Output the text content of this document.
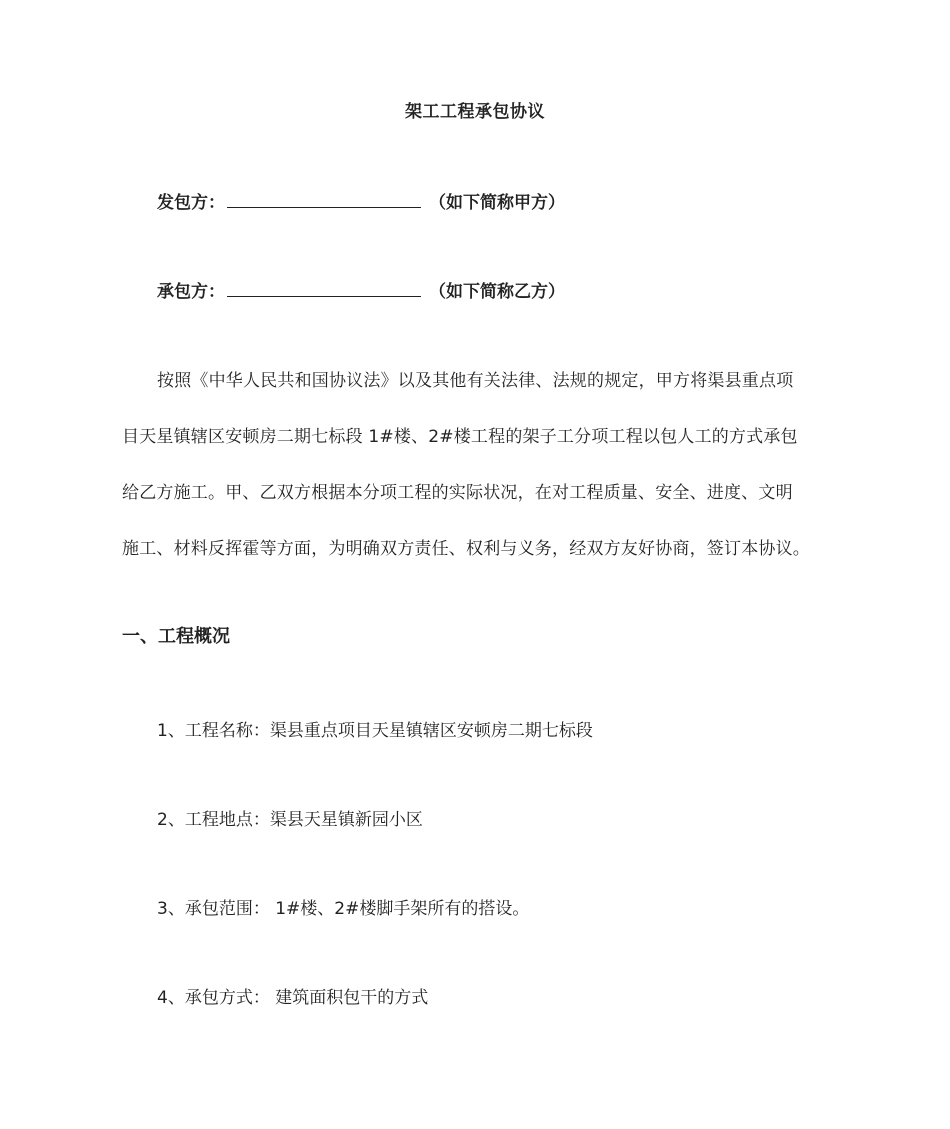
架工工程承包协议
发包方：	（如下简称甲方）
承包方：	（如下简称乙方）
按照《中华人民共和国协议法》以及其他有关法律、法规的规定，甲方将渠县重点项
目天星镇辖区安顿房二期七标段 1#楼、2#楼工程的架子工分项工程以包人工的方式承包
给乙方施工。甲、乙双方根据本分项工程的实际状况，在对工程质量、安全、进度、文明
施工、材料反挥霍等方面，为明确双方责任、权利与义务，经双方友好协商，签订本协议。
一、工程概况
1、工程名称：渠县重点项目天星镇辖区安顿房二期七标段
2、工程地点：渠县天星镇新园小区
3、承包范围： 1#楼、2#楼脚手架所有的搭设。
4、承包方式： 建筑面积包干的方式
